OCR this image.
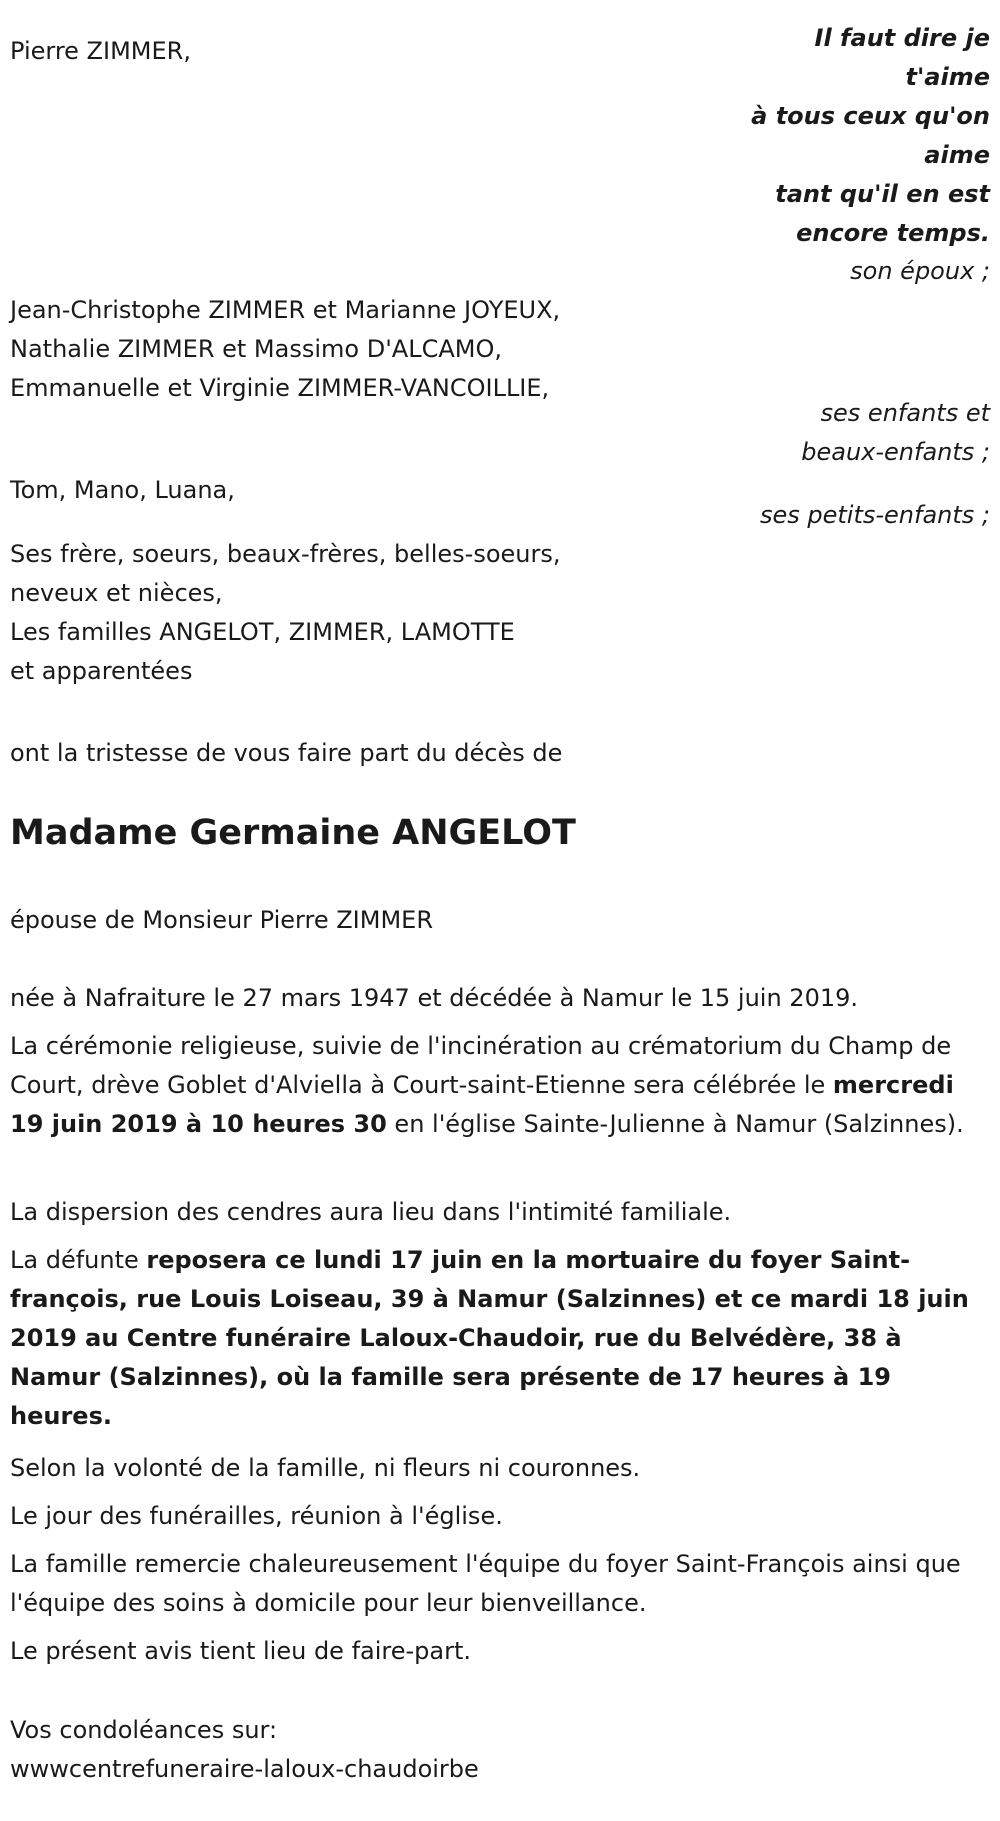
Pierre ZIMMER,	Il faut dire je
t'aime
à tous ceux qu'on
aime
tant qu'il en est
encore temps.
son époux ;
Jean-Christophe ZIMMER et Marianne JOYEUX,
Nathalie ZIMMER et Massimo D'ALCAMO,
Emmanuelle et Virginie ZIMMER-VANCOILLIE,
ses enfants et
beaux-enfants ;
Tom, Mano, Luana,
ses petits-enfants ;
Ses frère, soeurs, beaux-frères, belles-soeurs,
neveux et nièces,
Les familles ANGELOT, ZIMMER, LAMOTTE
et apparentées
ont la tristesse de vous faire part du décès de
Madame Germaine ANGELOT
épouse de Monsieur Pierre ZIMMER
née à Nafraiture le 27 mars 1947 et décédée à Namur le 15 juin 2019.
La cérémonie religieuse, suivie de l'incinération au crématorium du Champ de Court, drève Goblet d'Alviella à Court-saint-Etienne sera célébrée le mercredi 19 juin 2019 à 10 heures 30 en l'église Sainte-Julienne à Namur (Salzinnes).
La dispersion des cendres aura lieu dans l'intimité familiale.
La défunte reposera ce lundi 17 juin en la mortuaire du foyer Saint-françois, rue Louis Loiseau, 39 à Namur (Salzinnes) et ce mardi 18 juin 2019 au Centre funéraire Laloux-Chaudoir, rue du Belvédère, 38 à Namur (Salzinnes), où la famille sera présente de 17 heures à 19 heures.
Selon la volonté de la famille, ni fleurs ni couronnes.
Le jour des funérailles, réunion à l'église.
La famille remercie chaleureusement l'équipe du foyer Saint-François ainsi que l'équipe des soins à domicile pour leur bienveillance.
Le présent avis tient lieu de faire-part.
Vos condoléances sur:
wwwcentrefuneraire-laloux-chaudoirbe
